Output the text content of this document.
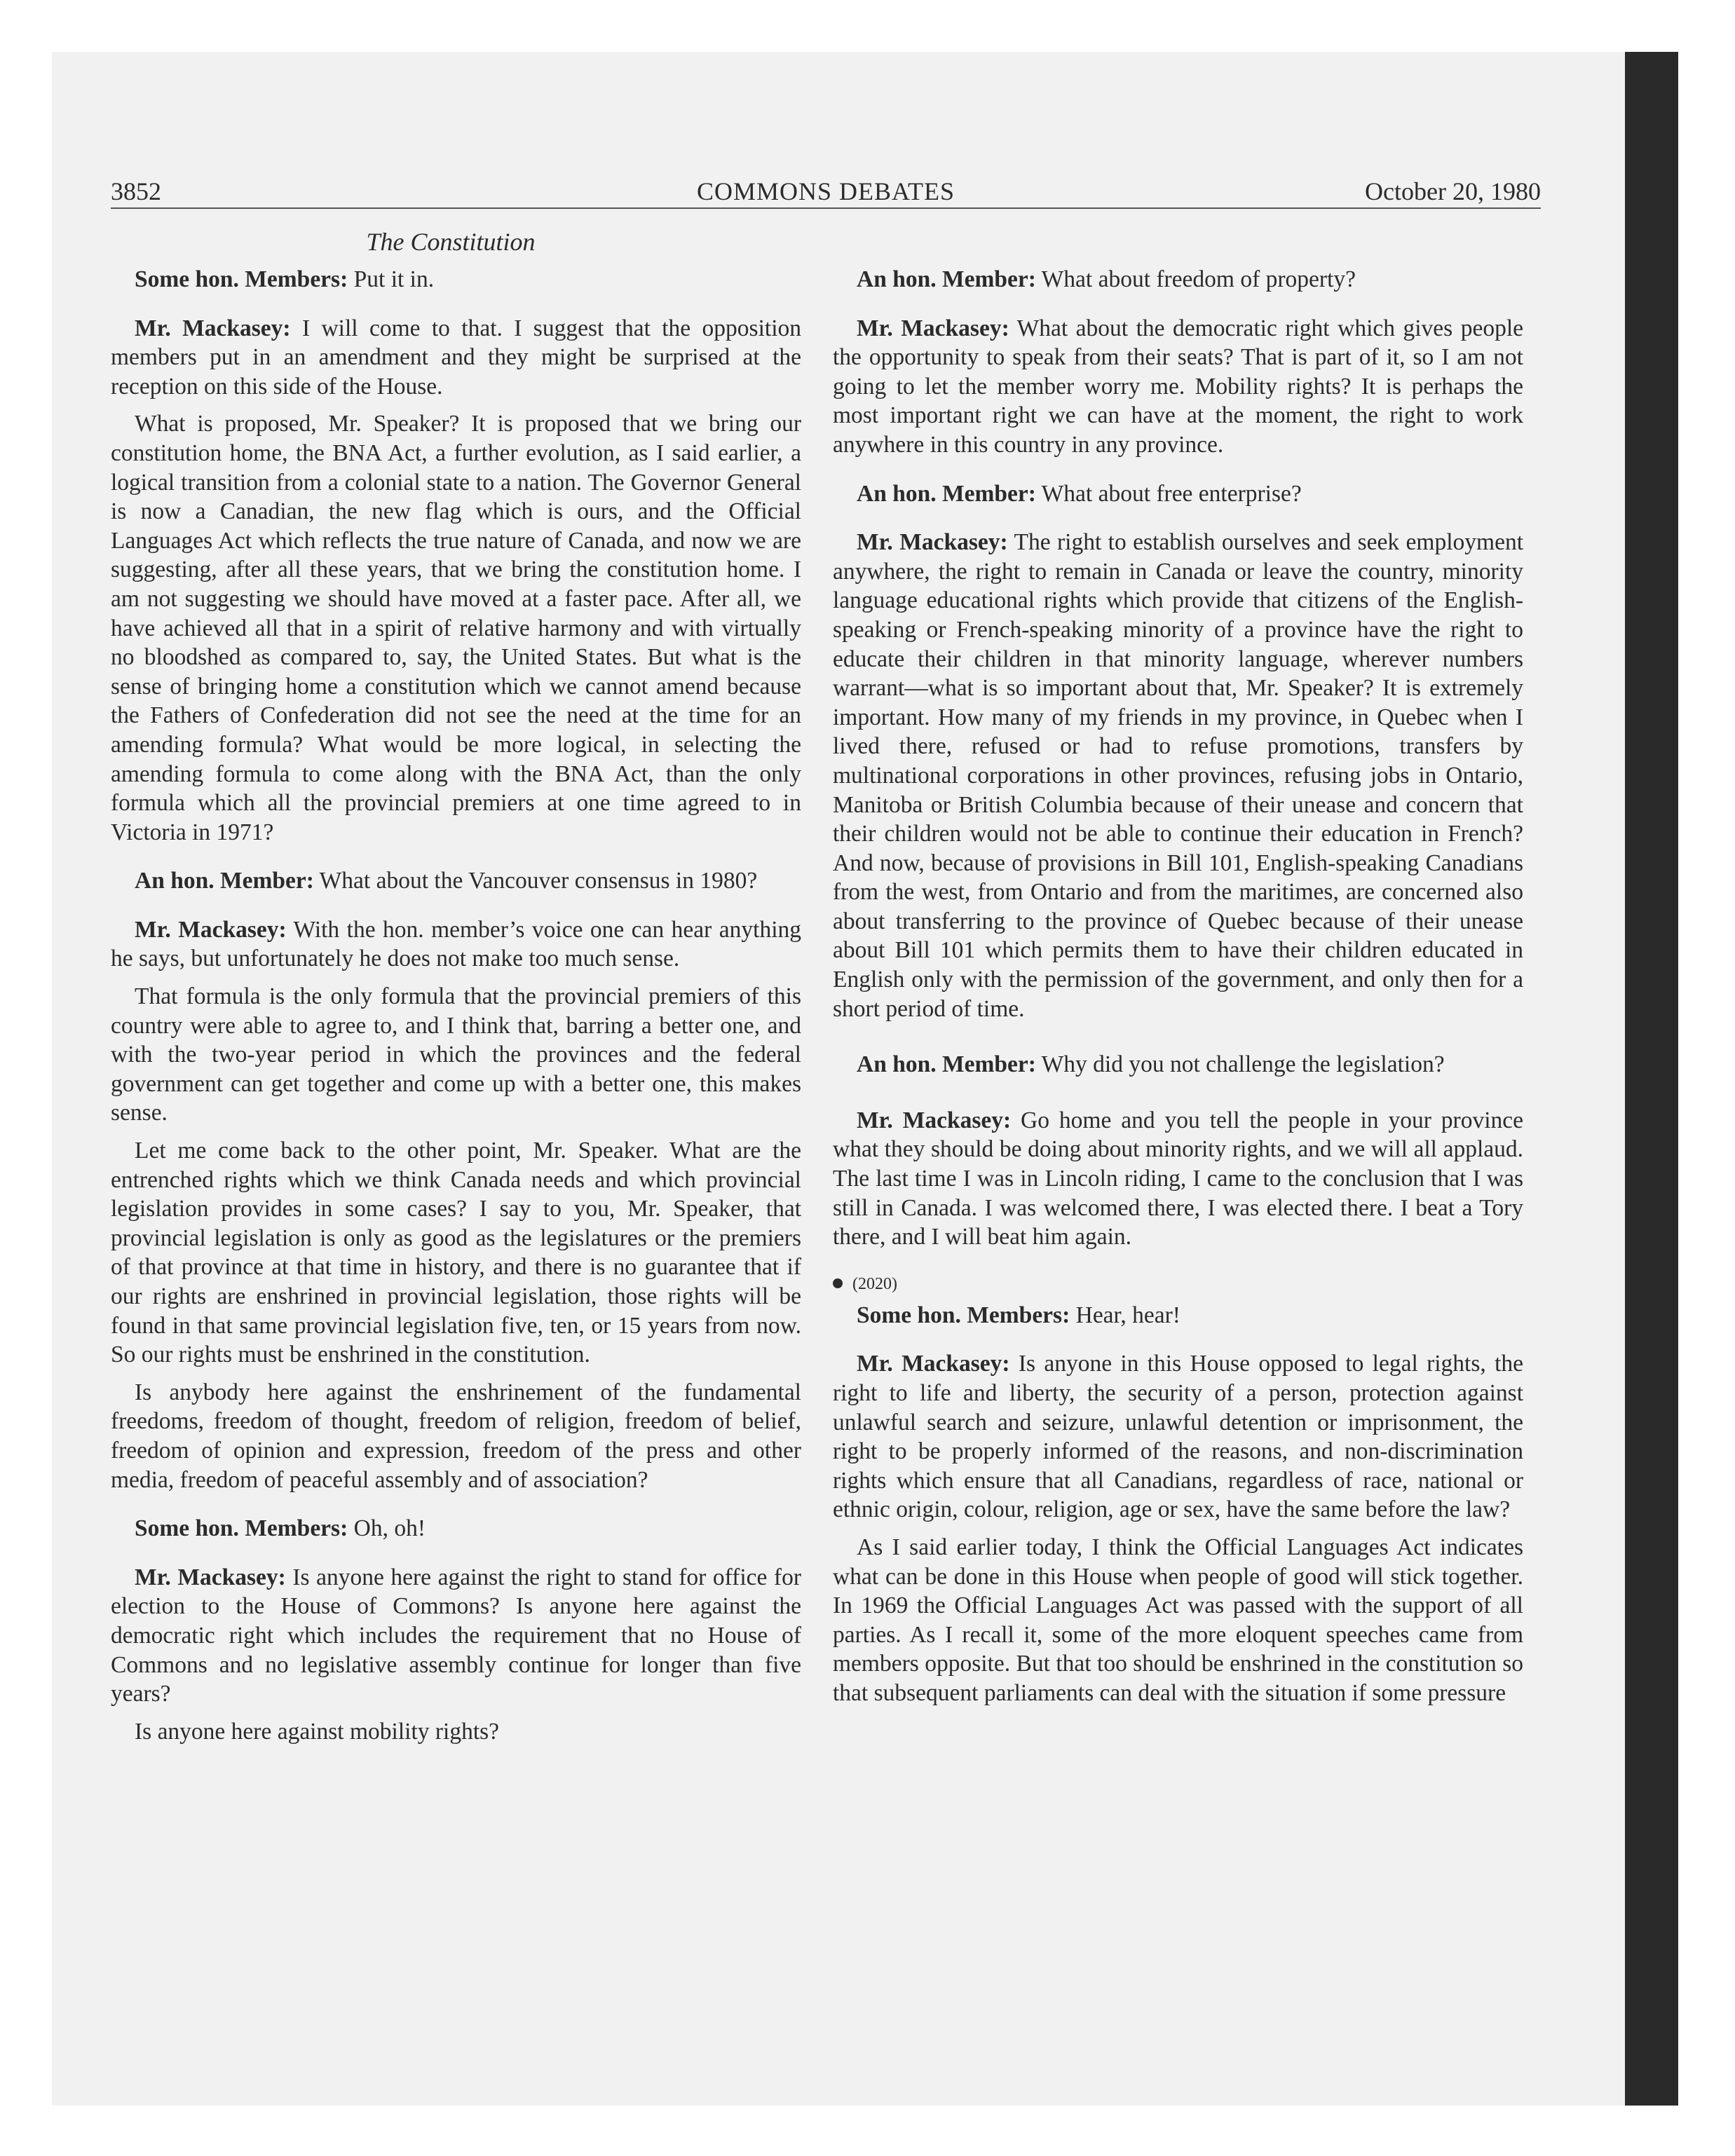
3852	COMMONS DEBATES	October 20, 1980
The Constitution

Some hon. Members: Put it in.

Mr. Mackasey: I will come to that. I suggest that the opposition members put in an amendment and they might be surprised at the reception on this side of the House.

What is proposed, Mr. Speaker? It is proposed that we bring our constitution home, the BNA Act, a further evolution, as I said earlier, a logical transition from a colonial state to a nation. The Governor General is now a Canadian, the new flag which is ours, and the Official Languages Act which reflects the true nature of Canada, and now we are suggesting, after all these years, that we bring the constitution home. I am not suggesting we should have moved at a faster pace. After all, we have achieved all that in a spirit of relative harmony and with virtually no bloodshed as compared to, say, the United States. But what is the sense of bringing home a constitution which we cannot amend because the Fathers of Confederation did not see the need at the time for an amending formula? What would be more logical, in selecting the amending formula to come along with the BNA Act, than the only formula which all the provincial premiers at one time agreed to in Victoria in 1971?

An hon. Member: What about the Vancouver consensus in 1980?

Mr. Mackasey: With the hon. member’s voice one can hear anything he says, but unfortunately he does not make too much sense.

That formula is the only formula that the provincial premiers of this country were able to agree to, and I think that, barring a better one, and with the two-year period in which the provinces and the federal government can get together and come up with a better one, this makes sense.

Let me come back to the other point, Mr. Speaker. What are the entrenched rights which we think Canada needs and which provincial legislation provides in some cases? I say to you, Mr. Speaker, that provincial legislation is only as good as the legislatures or the premiers of that province at that time in history, and there is no guarantee that if our rights are enshrined in provincial legislation, those rights will be found in that same provincial legislation five, ten, or 15 years from now. So our rights must be enshrined in the constitution.

Is anybody here against the enshrinement of the fundamental freedoms, freedom of thought, freedom of religion, freedom of belief, freedom of opinion and expression, freedom of the press and other media, freedom of peaceful assembly and of association?

Some hon. Members: Oh, oh!

Mr. Mackasey: Is anyone here against the right to stand for office for election to the House of Commons? Is anyone here against the democratic right which includes the requirement that no House of Commons and no legislative assembly continue for longer than five years?

Is anyone here against mobility rights?

An hon. Member: What about freedom of property?

Mr. Mackasey: What about the democratic right which gives people the opportunity to speak from their seats? That is part of it, so I am not going to let the member worry me. Mobility rights? It is perhaps the most important right we can have at the moment, the right to work anywhere in this country in any province.

An hon. Member: What about free enterprise?

Mr. Mackasey: The right to establish ourselves and seek employment anywhere, the right to remain in Canada or leave the country, minority language educational rights which provide that citizens of the English-speaking or French-speaking minority of a province have the right to educate their children in that minority language, wherever numbers warrant—what is so important about that, Mr. Speaker? It is extremely important. How many of my friends in my province, in Quebec when I lived there, refused or had to refuse promotions, transfers by multinational corporations in other provinces, refusing jobs in Ontario, Manitoba or British Columbia because of their unease and concern that their children would not be able to continue their education in French? And now, because of provisions in Bill 101, English-speaking Canadians from the west, from Ontario and from the maritimes, are concerned also about transferring to the province of Quebec because of their unease about Bill 101 which permits them to have their children educated in English only with the permission of the government, and only then for a short period of time.

An hon. Member: Why did you not challenge the legislation?

Mr. Mackasey: Go home and you tell the people in your province what they should be doing about minority rights, and we will all applaud. The last time I was in Lincoln riding, I came to the conclusion that I was still in Canada. I was welcomed there, I was elected there. I beat a Tory there, and I will beat him again.

(2020)

Some hon. Members: Hear, hear!

Mr. Mackasey: Is anyone in this House opposed to legal rights, the right to life and liberty, the security of a person, protection against unlawful search and seizure, unlawful detention or imprisonment, the right to be properly informed of the reasons, and non-discrimination rights which ensure that all Canadians, regardless of race, national or ethnic origin, colour, religion, age or sex, have the same before the law?

As I said earlier today, I think the Official Languages Act indicates what can be done in this House when people of good will stick together. In 1969 the Official Languages Act was passed with the support of all parties. As I recall it, some of the more eloquent speeches came from members opposite. But that too should be enshrined in the constitution so that subsequent parliaments can deal with the situation if some pressure
